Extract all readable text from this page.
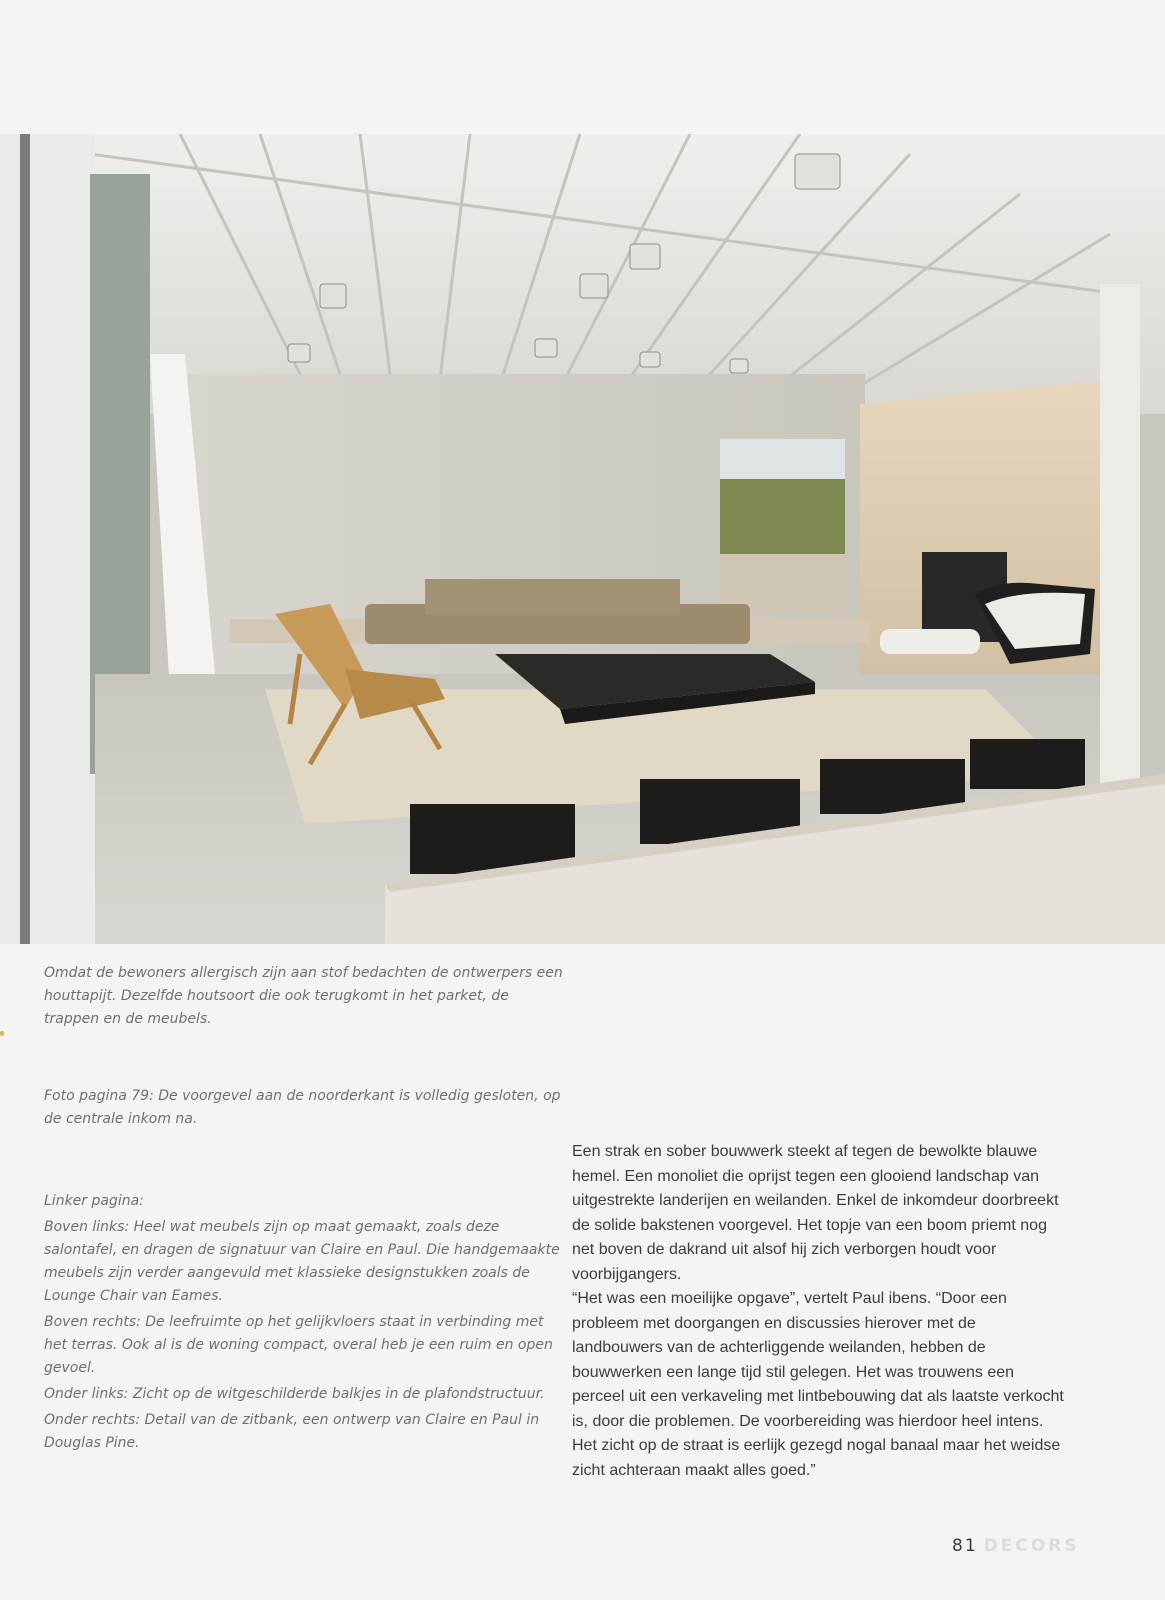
Omdat de bewoners allergisch zijn aan stof bedachten de ontwerpers een houttapijt. Dezelfde houtsoort die ook terugkomt in het parket, de trappen en de meubels.

Foto pagina 79: De voorgevel aan de noorderkant is volledig gesloten, op de centrale inkom na.

Linker pagina:

Boven links: Heel wat meubels zijn op maat gemaakt, zoals deze salontafel, en dragen de signatuur van Claire en Paul. Die handgemaakte meubels zijn verder aangevuld met klassieke designstukken zoals de Lounge Chair van Eames.

Boven rechts: De leefruimte op het gelijkvloers staat in verbinding met het terras. Ook al is de woning compact, overal heb je een ruim en open gevoel.

Onder links: Zicht op de witgeschilderde balkjes in de plafondstructuur.

Onder rechts: Detail van de zitbank, een ontwerp van Claire en Paul in Douglas Pine.

Een strak en sober bouwwerk steekt af tegen de bewolkte blauwe hemel. Een monoliet die oprijst tegen een glooiend landschap van uitgestrekte landerijen en weilanden. Enkel de inkomdeur doorbreekt de solide bakstenen voorgevel. Het topje van een boom priemt nog net boven de dakrand uit alsof hij zich verborgen houdt voor voorbijgangers.

“Het was een moeilijke opgave”, vertelt Paul ibens. “Door een probleem met doorgangen en discussies hierover met de landbouwers van de achterliggende weilanden, hebben de bouwwerken een lange tijd stil gelegen. Het was trouwens een perceel uit een verkaveling met lintbebouwing dat als laatste verkocht is, door die problemen. De voorbereiding was hierdoor heel intens. Het zicht op de straat is eerlijk gezegd nogal banaal maar het weidse zicht achteraan maakt alles goed.”

81 DECORS
